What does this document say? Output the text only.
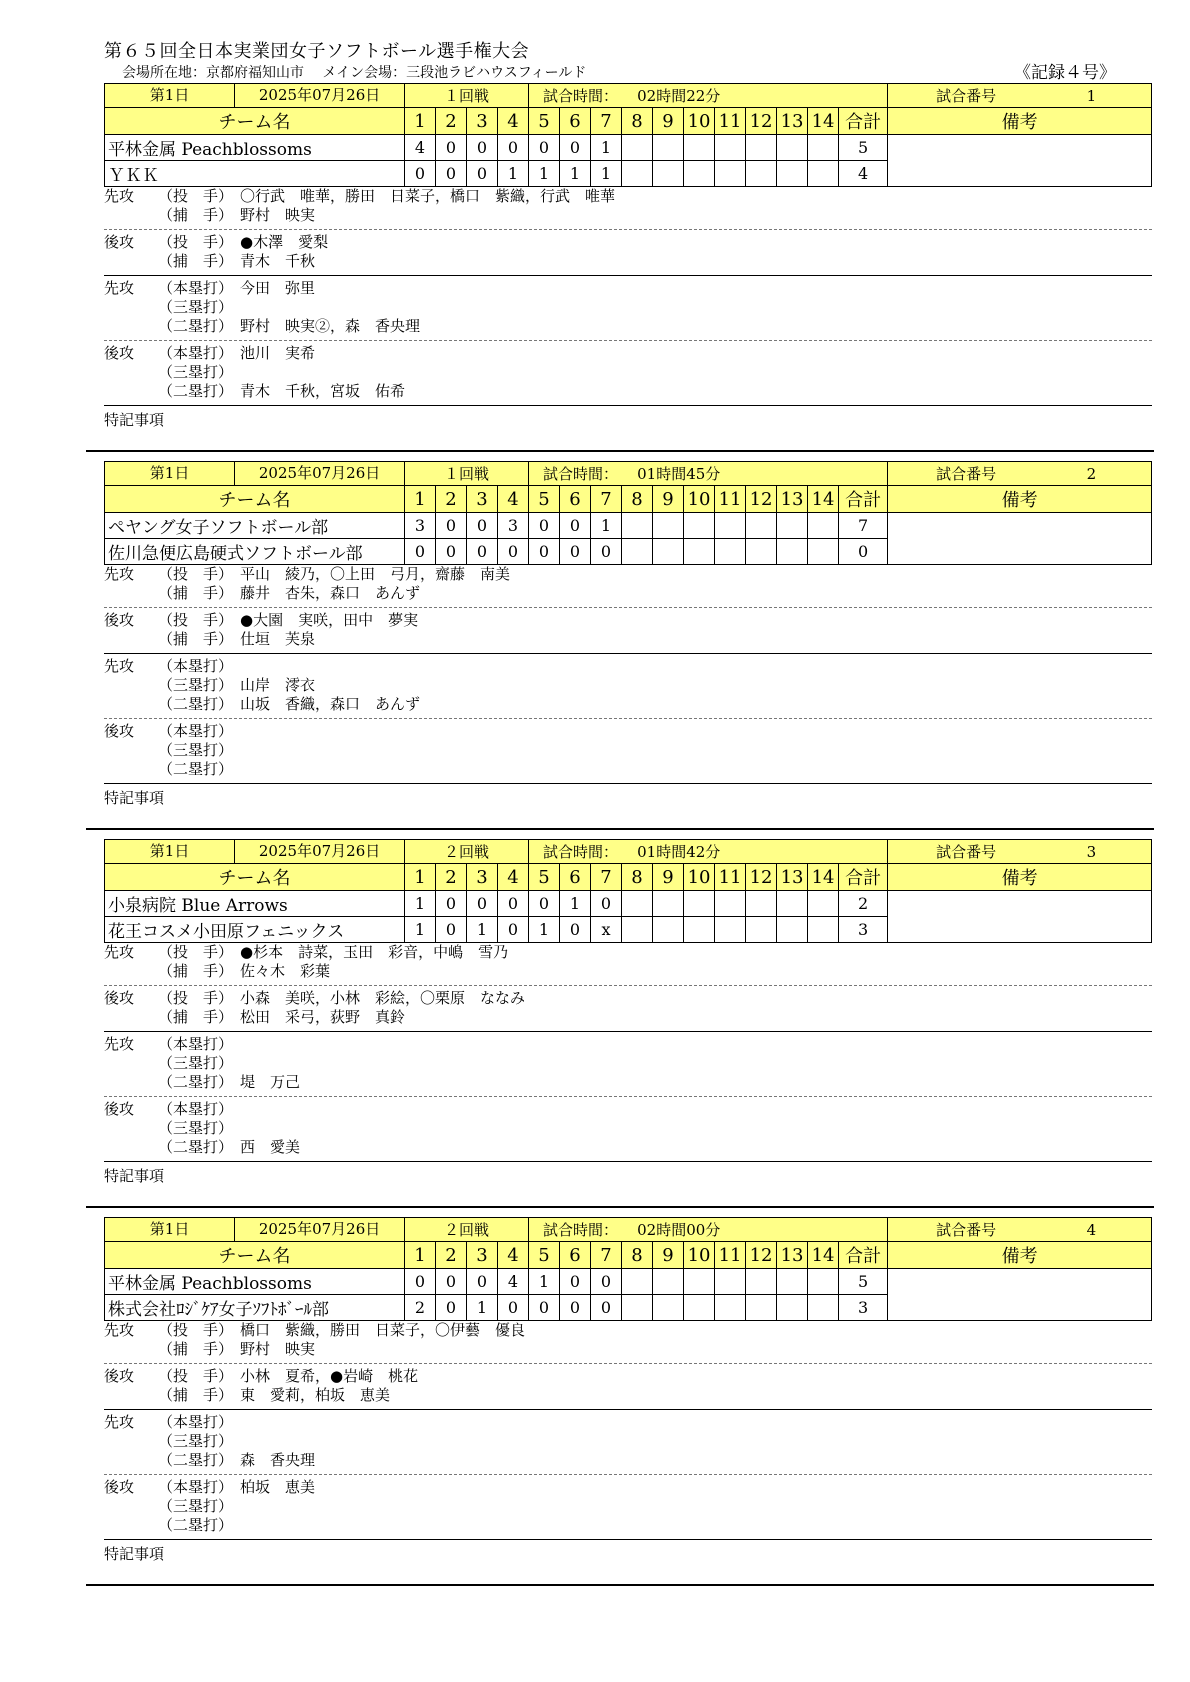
第６５回全日本実業団女子ソフトボール選手権大会
会場所在地：京都府福知山市　 メイン会場：三段池ラビハウスフィールド	《記録４号》
第1日 2025年07月26日	１回戦				試合時間： 02時間22分											試合番号 1
チーム名	1	2	3	4	5	6	7	8	9	10	11	12	13	14	合計	備考
平林金属 Peachblossoms	4	0	0	0	0	0	1								5	
ＹＫＫ	0	0	0	1	1	1	1								4	
先攻 （投　手） 〇行武　唯華，勝田　日菜子，橋口　紫織，行武　唯華
（捕　手） 野村　映実
後攻 （投　手） ●木澤　愛梨
（捕　手） 青木　千秋
先攻 （本塁打） 今田　弥里
（三塁打）
（二塁打） 野村　映実②，森　香央理
後攻 （本塁打） 池川　実希
（三塁打）
（二塁打） 青木　千秋，宮坂　佑希
特記事項
第1日 2025年07月26日	１回戦				試合時間： 01時間45分											試合番号 2
チーム名	1	2	3	4	5	6	7	8	9	10	11	12	13	14	合計	備考
ペヤング女子ソフトボール部	3	0	0	3	0	0	1								7	
佐川急便広島硬式ソフトボール部	0	0	0	0	0	0	0								0	
先攻 （投　手） 平山　綾乃，〇上田　弓月，齋藤　南美
（捕　手） 藤井　杏朱，森口　あんず
後攻 （投　手） ●大園　実咲，田中　夢実
（捕　手） 仕垣　芙泉
先攻 （本塁打）
（三塁打） 山岸　澪衣
（二塁打） 山坂　香織，森口　あんず
後攻 （本塁打）
（三塁打）
（二塁打）
特記事項
第1日 2025年07月26日	２回戦				試合時間： 01時間42分											試合番号 3
チーム名	1	2	3	4	5	6	7	8	9	10	11	12	13	14	合計	備考
小泉病院 Blue Arrows	1	0	0	0	0	1	0								2	
花王コスメ小田原フェニックス	1	0	1	0	1	0	x								3	
先攻 （投　手） ●杉本　詩菜，玉田　彩音，中嶋　雪乃
（捕　手） 佐々木　彩葉
後攻 （投　手） 小森　美咲，小林　彩絵，〇栗原　ななみ
（捕　手） 松田　采弓，荻野　真鈴
先攻 （本塁打）
（三塁打）
（二塁打） 堤　万己
後攻 （本塁打）
（三塁打）
（二塁打） 西　愛美
特記事項
第1日 2025年07月26日	２回戦				試合時間： 02時間00分											試合番号 4
チーム名	1	2	3	4	5	6	7	8	9	10	11	12	13	14	合計	備考
平林金属 Peachblossoms	0	0	0	4	1	0	0								5	
株式会社ﾛｼﾞｹｱ女子ｿﾌﾄﾎﾞｰﾙ部	2	0	1	0	0	0	0								3	
先攻 （投　手） 橋口　紫織，勝田　日菜子，〇伊藝　優良
（捕　手） 野村　映実
後攻 （投　手） 小林　夏希，●岩崎　桃花
（捕　手） 東　愛莉，柏坂　恵美
先攻 （本塁打）
（三塁打）
（二塁打） 森　香央理
後攻 （本塁打） 柏坂　恵美
（三塁打）
（二塁打）
特記事項
